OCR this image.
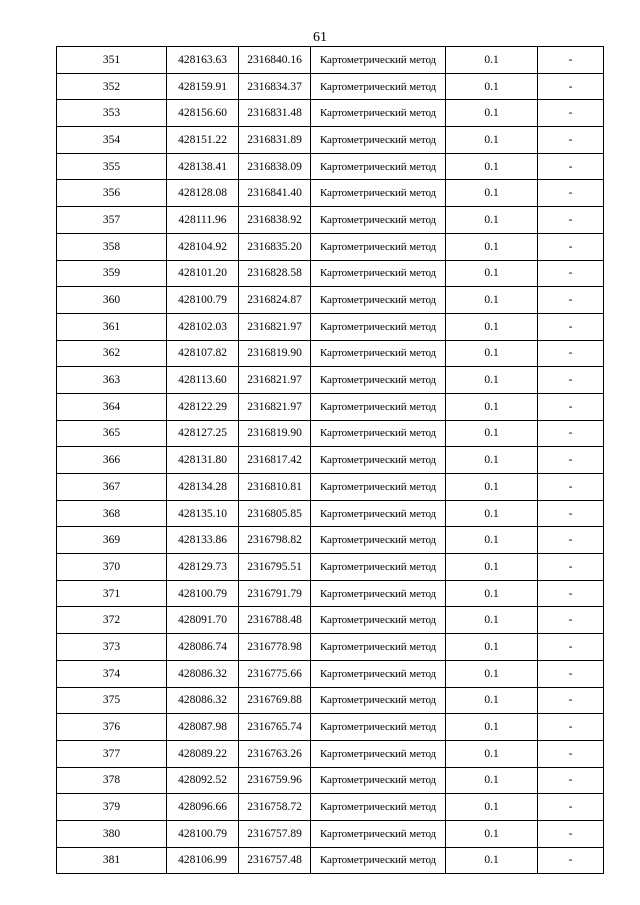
61
351	428163.63	2316840.16	Картометрический метод	0.1	-
352	428159.91	2316834.37	Картометрический метод	0.1	-
353	428156.60	2316831.48	Картометрический метод	0.1	-
354	428151.22	2316831.89	Картометрический метод	0.1	-
355	428138.41	2316838.09	Картометрический метод	0.1	-
356	428128.08	2316841.40	Картометрический метод	0.1	-
357	428111.96	2316838.92	Картометрический метод	0.1	-
358	428104.92	2316835.20	Картометрический метод	0.1	-
359	428101.20	2316828.58	Картометрический метод	0.1	-
360	428100.79	2316824.87	Картометрический метод	0.1	-
361	428102.03	2316821.97	Картометрический метод	0.1	-
362	428107.82	2316819.90	Картометрический метод	0.1	-
363	428113.60	2316821.97	Картометрический метод	0.1	-
364	428122.29	2316821.97	Картометрический метод	0.1	-
365	428127.25	2316819.90	Картометрический метод	0.1	-
366	428131.80	2316817.42	Картометрический метод	0.1	-
367	428134.28	2316810.81	Картометрический метод	0.1	-
368	428135.10	2316805.85	Картометрический метод	0.1	-
369	428133.86	2316798.82	Картометрический метод	0.1	-
370	428129.73	2316795.51	Картометрический метод	0.1	-
371	428100.79	2316791.79	Картометрический метод	0.1	-
372	428091.70	2316788.48	Картометрический метод	0.1	-
373	428086.74	2316778.98	Картометрический метод	0.1	-
374	428086.32	2316775.66	Картометрический метод	0.1	-
375	428086.32	2316769.88	Картометрический метод	0.1	-
376	428087.98	2316765.74	Картометрический метод	0.1	-
377	428089.22	2316763.26	Картометрический метод	0.1	-
378	428092.52	2316759.96	Картометрический метод	0.1	-
379	428096.66	2316758.72	Картометрический метод	0.1	-
380	428100.79	2316757.89	Картометрический метод	0.1	-
381	428106.99	2316757.48	Картометрический метод	0.1	-
